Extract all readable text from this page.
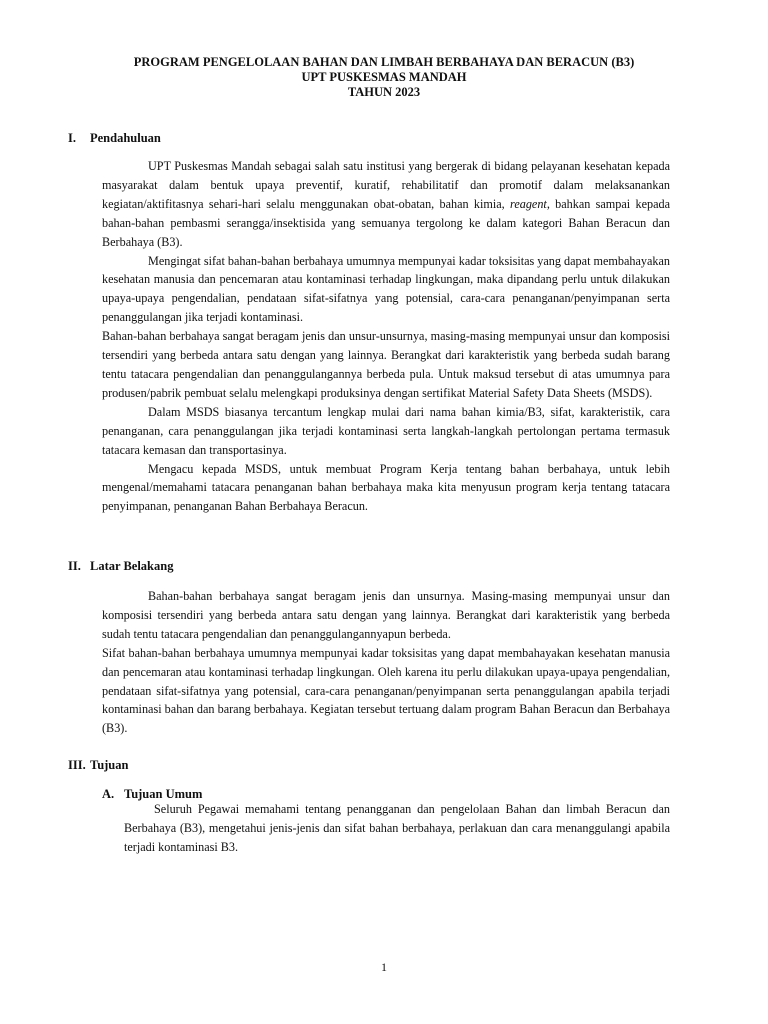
PROGRAM PENGELOLAAN BAHAN DAN LIMBAH BERBAHAYA DAN BERACUN (B3)
UPT PUSKESMAS MANDAH
TAHUN 2023
I. Pendahuluan

UPT Puskesmas Mandah sebagai salah satu institusi yang bergerak di bidang pelayanan kesehatan kepada masyarakat dalam bentuk upaya preventif, kuratif, rehabilitatif dan promotif dalam melaksanankan kegiatan/aktifitasnya sehari-hari selalu menggunakan obat-obatan, bahan kimia, reagent, bahkan sampai kepada bahan-bahan pembasmi serangga/insektisida yang semuanya tergolong ke dalam kategori Bahan Beracun dan Berbahaya (B3).

Mengingat sifat bahan-bahan berbahaya umumnya mempunyai kadar toksisitas yang dapat membahayakan kesehatan manusia dan pencemaran atau kontaminasi terhadap lingkungan, maka dipandang perlu untuk dilakukan upaya-upaya pengendalian, pendataan sifat-sifatnya yang potensial, cara-cara penanganan/penyimpanan serta penanggulangan jika terjadi kontaminasi.

Bahan-bahan berbahaya sangat beragam jenis dan unsur-unsurnya, masing-masing mempunyai unsur dan komposisi tersendiri yang berbeda antara satu dengan yang lainnya. Berangkat dari karakteristik yang berbeda sudah barang tentu tatacara pengendalian dan penanggulangannya berbeda pula. Untuk maksud tersebut di atas umumnya para produsen/pabrik pembuat selalu melengkapi produksinya dengan sertifikat Material Safety Data Sheets (MSDS).

Dalam MSDS biasanya tercantum lengkap mulai dari nama bahan kimia/B3, sifat, karakteristik, cara penanganan, cara penanggulangan jika terjadi kontaminasi serta langkah-langkah pertolongan pertama termasuk tatacara kemasan dan transportasinya.

Mengacu kepada MSDS, untuk membuat Program Kerja tentang bahan berbahaya, untuk lebih mengenal/memahami tatacara penanganan bahan berbahaya maka kita menyusun program kerja tentang tatacara penyimpanan, penanganan Bahan Berbahaya Beracun.

II. Latar Belakang

Bahan-bahan berbahaya sangat beragam jenis dan unsurnya. Masing-masing mempunyai unsur dan komposisi tersendiri yang berbeda antara satu dengan yang lainnya. Berangkat dari karakteristik yang berbeda sudah tentu tatacara pengendalian dan penanggulangannyapun berbeda.

Sifat bahan-bahan berbahaya umumnya mempunyai kadar toksisitas yang dapat membahayakan kesehatan manusia dan pencemaran atau kontaminasi terhadap lingkungan. Oleh karena itu perlu dilakukan upaya-upaya pengendalian, pendataan sifat-sifatnya yang potensial, cara-cara penanganan/penyimpanan serta penanggulangan apabila terjadi kontaminasi bahan dan barang berbahaya. Kegiatan tersebut tertuang dalam program Bahan Beracun dan Berbahaya (B3).

III. Tujuan
A. Tujuan Umum

Seluruh Pegawai memahami tentang penangganan dan pengelolaan Bahan dan limbah Beracun dan Berbahaya (B3), mengetahui jenis-jenis dan sifat bahan berbahaya, perlakuan dan cara menanggulangi apabila terjadi kontaminasi B3.

1
